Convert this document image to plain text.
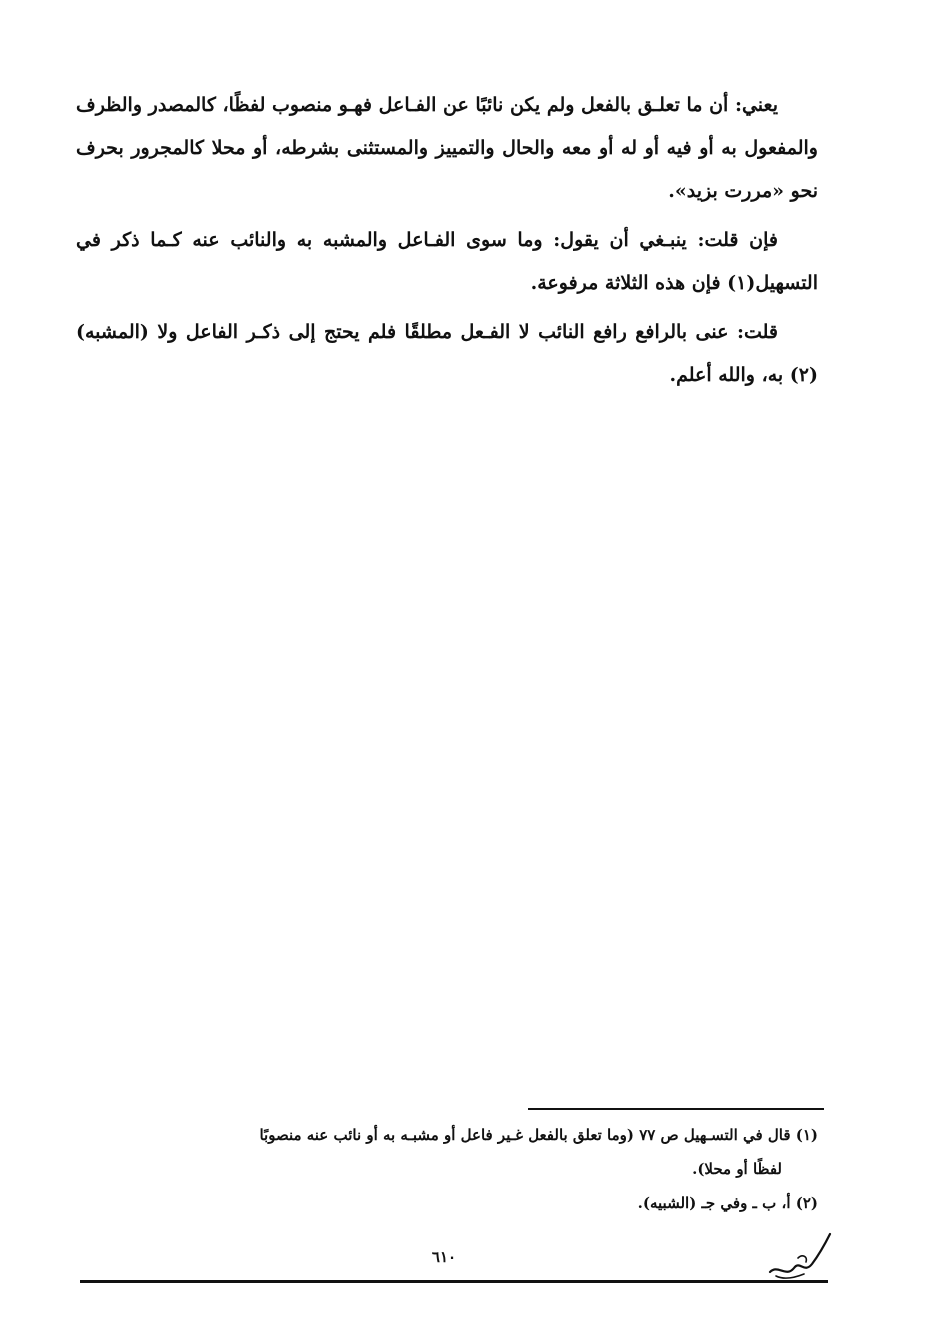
يعني: أن ما تعلـق بالفعل ولم يكن نائبًا عن الفـاعل فهـو منصوب لفظًا، كالمصدر والظرف والمفعول به أو فيه أو له أو معه والحال والتمييز والمستثنى بشرطه، أو محلا كالمجرور بحرف نحو «مررت بزيد».

فإن قلت: ينبـغي أن يقول: وما سوى الفـاعل والمشبه به والنائب عنه كـما ذكر في التسهيل(١) فإن هذه الثلاثة مرفوعة.

قلت: عنى بالرافع رافع النائب لا الفـعل مطلقًا فلم يحتج إلى ذكـر الفاعل ولا (المشبه)(٢) به، والله أعلم.

(١) قال في التسـهيل ص ٧٧ (وما تعلق بالفعل غـير فاعل أو مشبـه به أو نائب عنه منصوبًا

لفظًا أو محلا).

(٢) أ، ب ـ وفي جـ (الشبيه).

٦١٠
